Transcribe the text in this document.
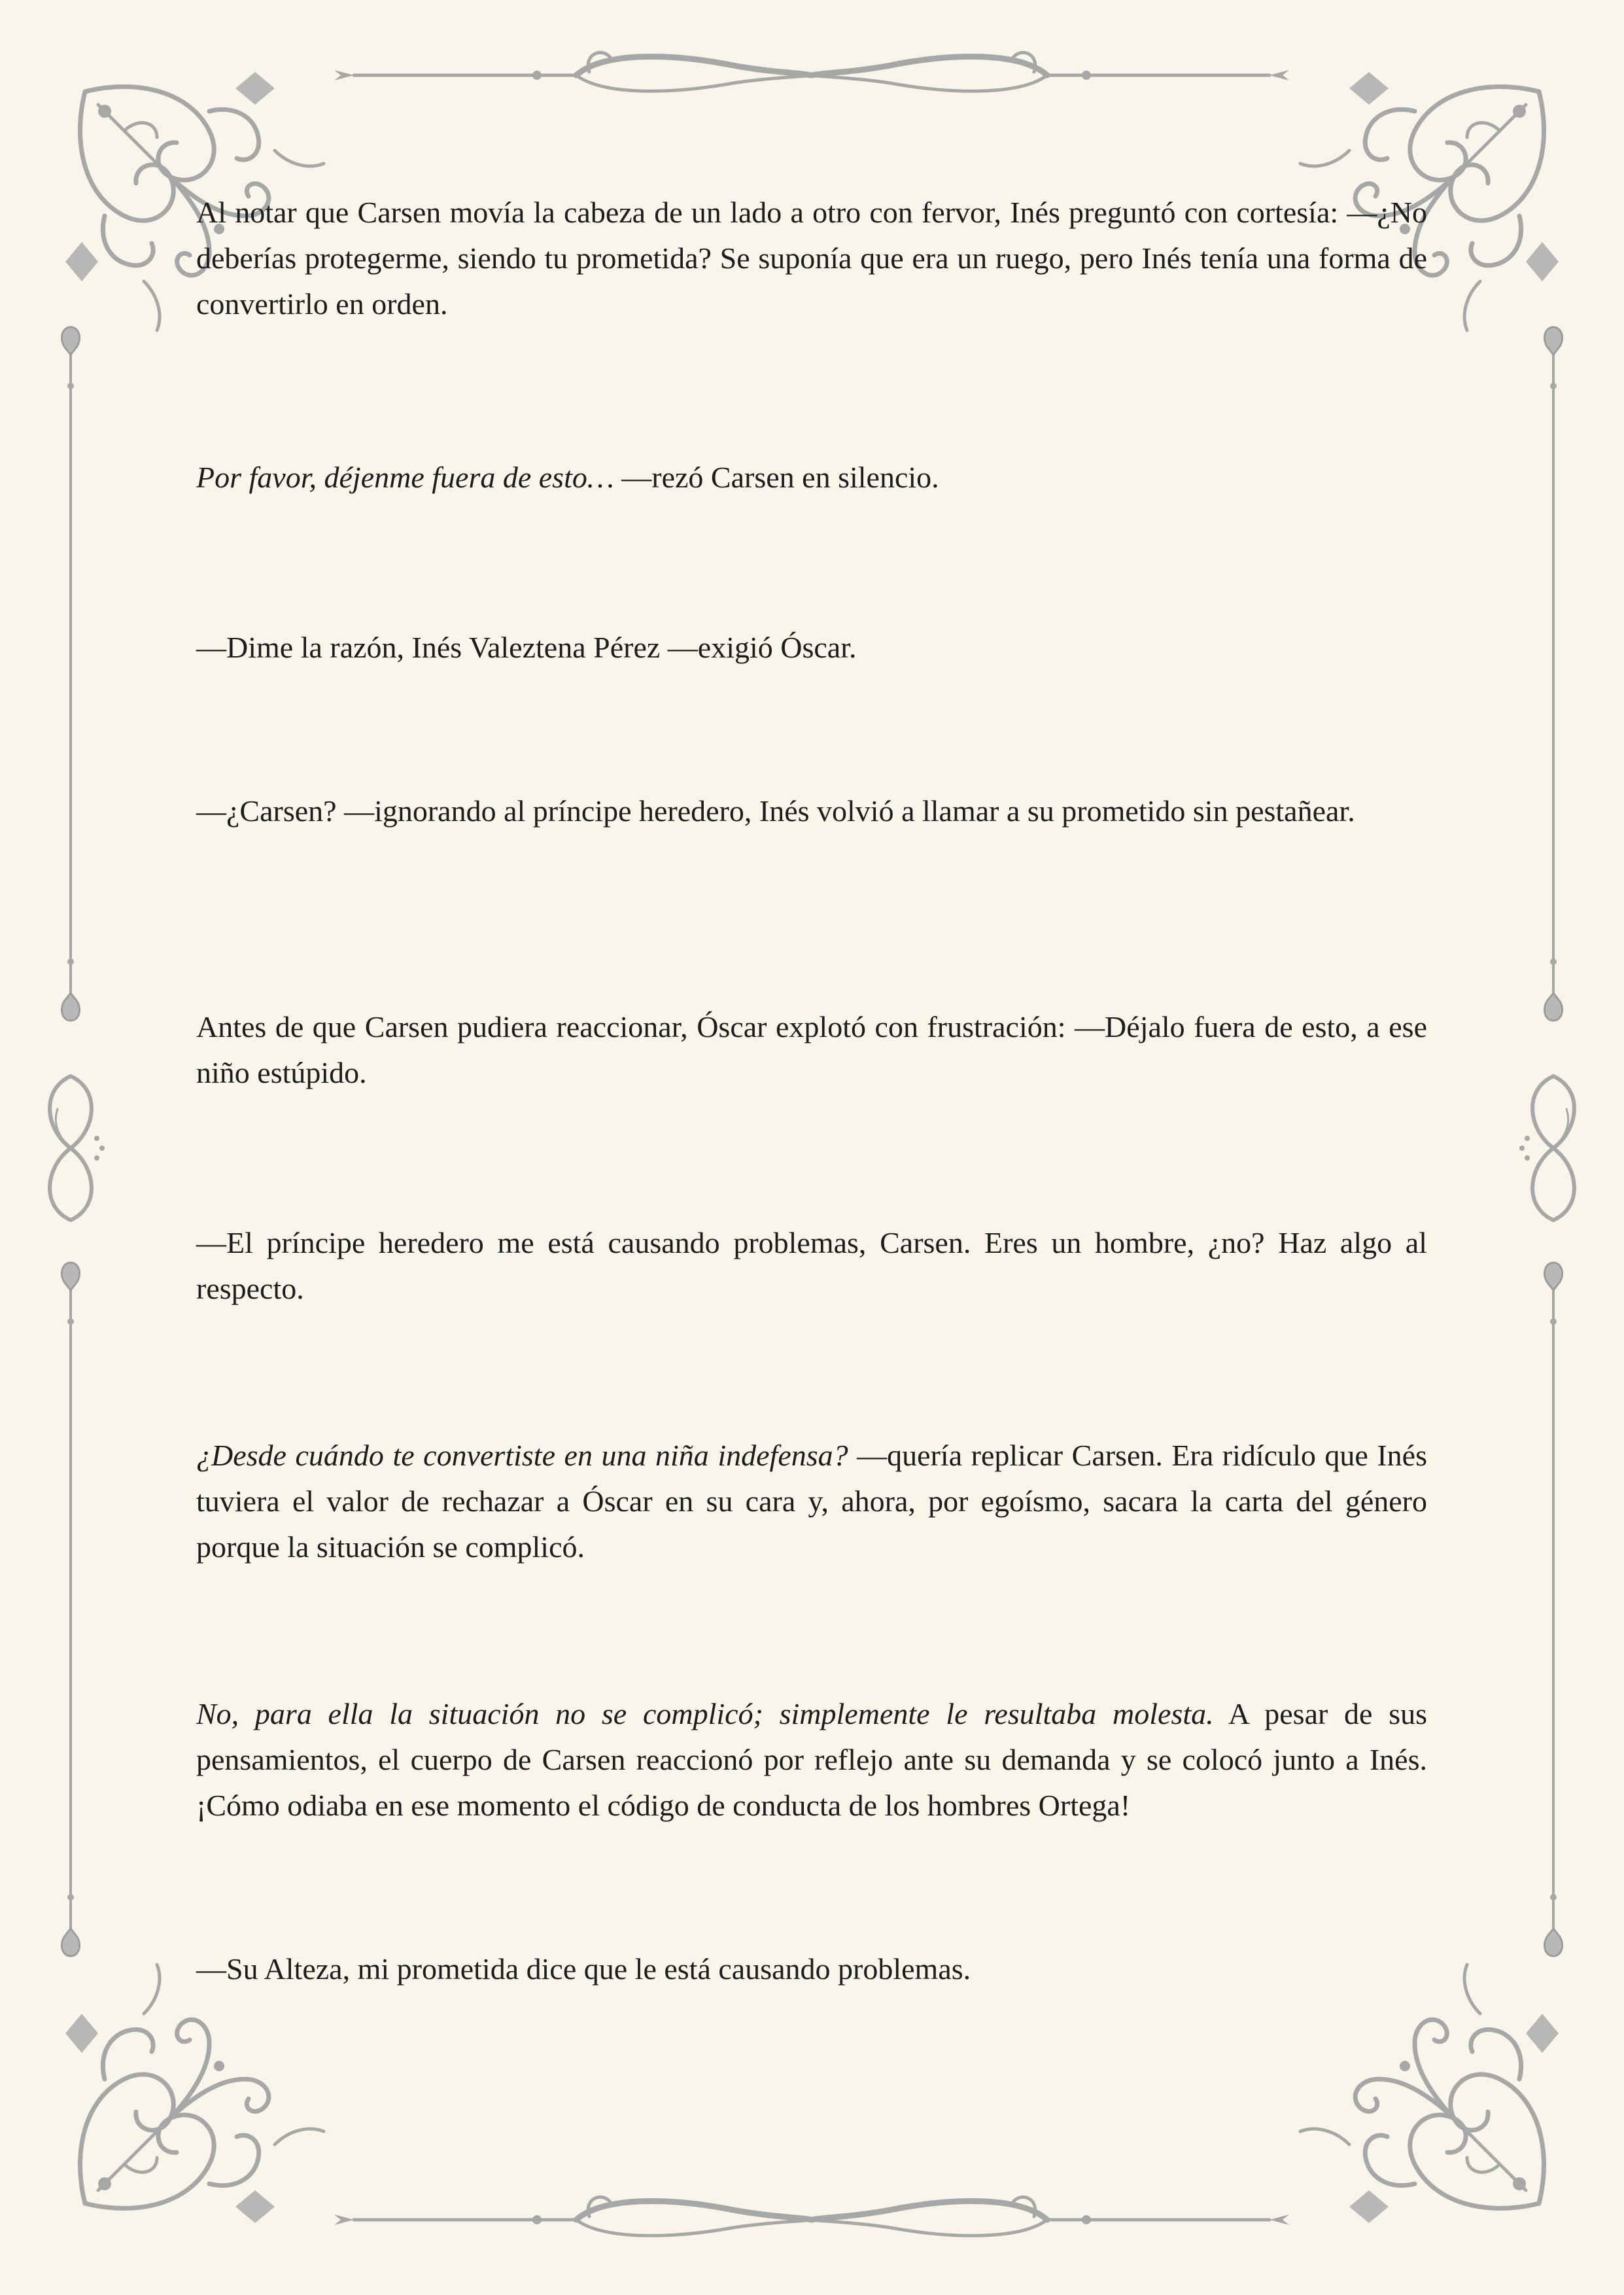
Al notar que Carsen movía la cabeza de un lado a otro con fervor, Inés preguntó con cortesía: —¿No deberías protegerme, siendo tu prometida? Se suponía que era un ruego, pero Inés tenía una forma de convertirlo en orden.

Por favor, déjenme fuera de esto… —rezó Carsen en silencio.

—Dime la razón, Inés Valeztena Pérez —exigió Óscar.

—¿Carsen? —ignorando al príncipe heredero, Inés volvió a llamar a su prometido sin pestañear.

Antes de que Carsen pudiera reaccionar, Óscar explotó con frustración: —Déjalo fuera de esto, a ese niño estúpido.

—El príncipe heredero me está causando problemas, Carsen. Eres un hombre, ¿no? Haz algo al respecto.

¿Desde cuándo te convertiste en una niña indefensa? —quería replicar Carsen. Era ridículo que Inés tuviera el valor de rechazar a Óscar en su cara y, ahora, por egoísmo, sacara la carta del género porque la situación se complicó.

No, para ella la situación no se complicó; simplemente le resultaba molesta. A pesar de sus pensamientos, el cuerpo de Carsen reaccionó por reflejo ante su demanda y se colocó junto a Inés. ¡Cómo odiaba en ese momento el código de conducta de los hombres Ortega!

—Su Alteza, mi prometida dice que le está causando problemas.
